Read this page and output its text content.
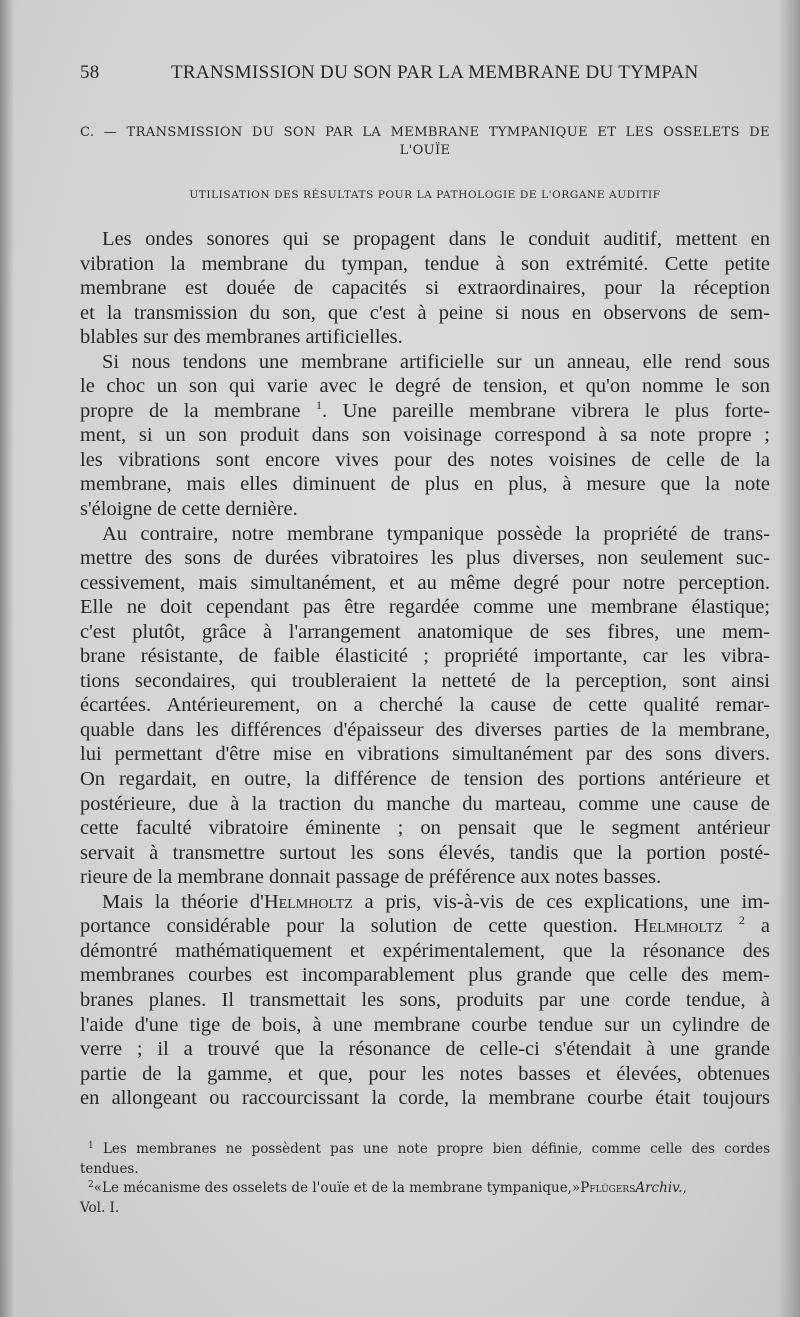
58	TRANSMISSION DU SON PAR LA MEMBRANE DU TYMPAN
C. — TRANSMISSION DU SON PAR LA MEMBRANE TYMPANIQUE ET LES OSSELETS DE
L'OUÏE
UTILISATION DES RÉSULTATS POUR LA PATHOLOGIE DE L'ORGANE AUDITIF
Les ondes sonores qui se propagent dans le conduit auditif, mettent en
vibration la membrane du tympan, tendue à son extrémité. Cette petite
membrane est douée de capacités si extraordinaires, pour la réception
et la transmission du son, que c'est à peine si nous en observons de sem-
blables sur des membranes artificielles.
Si nous tendons une membrane artificielle sur un anneau, elle rend sous
le choc un son qui varie avec le degré de tension, et qu'on nomme le son
propre de la membrane $^1$. Une pareille membrane vibrera le plus forte-
ment, si un son produit dans son voisinage correspond à sa note propre ;
les vibrations sont encore vives pour des notes voisines de celle de la
membrane, mais elles diminuent de plus en plus, à mesure que la note
s'éloigne de cette dernière.
Au contraire, notre membrane tympanique possède la propriété de trans-
mettre des sons de durées vibratoires les plus diverses, non seulement suc-
cessivement, mais simultanément, et au même degré pour notre perception.
Elle ne doit cependant pas être regardée comme une membrane élastique;
c'est plutôt, grâce à l'arrangement anatomique de ses fibres, une mem-
brane résistante, de faible élasticité ; propriété importante, car les vibra-
tions secondaires, qui troubleraient la netteté de la perception, sont ainsi
écartées. Antérieurement, on a cherché la cause de cette qualité remar-
quable dans les différences d'épaisseur des diverses parties de la membrane,
lui permettant d'être mise en vibrations simultanément par des sons divers.
On regardait, en outre, la différence de tension des portions antérieure et
postérieure, due à la traction du manche du marteau, comme une cause de
cette faculté vibratoire éminente ; on pensait que le segment antérieur
servait à transmettre surtout les sons élevés, tandis que la portion posté-
rieure de la membrane donnait passage de préférence aux notes basses.
Mais la théorie d'Helmholtz a pris, vis-à-vis de ces explications, une im-
portance considérable pour la solution de cette question. Helmholtz $^2$ a
démontré mathématiquement et expérimentalement, que la résonance des
membranes courbes est incomparablement plus grande que celle des mem-
branes planes. Il transmettait les sons, produits par une corde tendue, à
l'aide d'une tige de bois, à une membrane courbe tendue sur un cylindre de
verre ; il a trouvé que la résonance de celle-ci s'étendait à une grande
partie de la gamme, et que, pour les notes basses et élevées, obtenues
en allongeant ou raccourcissant la corde, la membrane courbe était toujours
$^1$ Les membranes ne possèdent pas une note propre bien définie, comme celle des cordes
tendues.
$^2$«Le mécanisme des osselets de l'ouïe et de la membrane tympanique,»PflügersArchiv.,
Vol. I.
